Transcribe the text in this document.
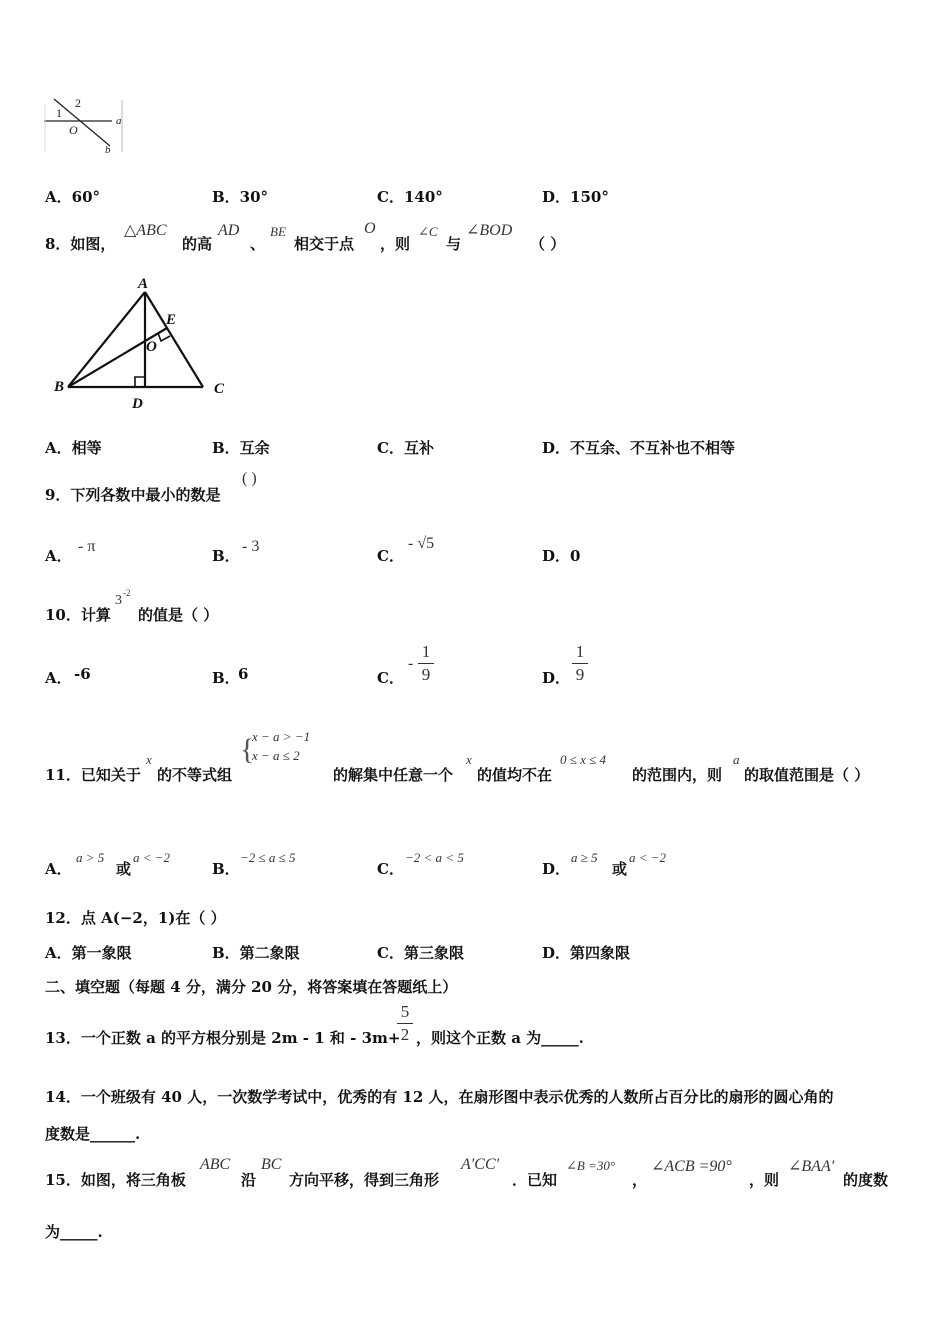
1
2
O
a
b
A．60°	B．30°	C．140°	D．150°
8．如图，
△ABC
的高
AD
、
BE
相交于点
O
，则
∠C
与
∠BOD
（ ）
A
B	C
D
E
O
A．相等	B．互余	C．互补	D．不互余、不互补也不相等
9．下列各数中最小的数是
( )
A．
- π
B．
- 3
C．
- √5
D．0
10．计算
3 -2
的值是（ ）
A． -6	B．
6	C．
-
1
9	D．
1
9
11．已知关于
x
的不等式组
{
x − a > −1
x − a ≤ 2
的解集中任意一个
x
的值均不在
0 ≤ x ≤ 4
的范围内，则
a
的取值范围是（ ）
A．
a > 5
或
a < −2
B．
−2 ≤ a ≤ 5
C．
−2 < a < 5
D．
a ≥ 5
或
a < −2
12．点 A(−2，1)在（ ）
A．第一象限	B．第二象限	C．第三象限	D．第四象限
二、填空题（每题 4 分，满分 20 分，将答案填在答题纸上）
13．一个正数 a 的平方根分别是 2m - 1 和 - 3m+
5
2 ，则这个正数 a 为_____.
14．一个班级有 40 人，一次数学考试中，优秀的有 12 人，在扇形图中表示优秀的人数所占百分比的扇形的圆心角的
度数是______.
15．如图，将三角板
ABC
沿
BC
方向平移，得到三角形
A′CC′
．已知
∠B =30°
，
∠ACB =90°
，则
∠BAA′
的度数
为_____.
